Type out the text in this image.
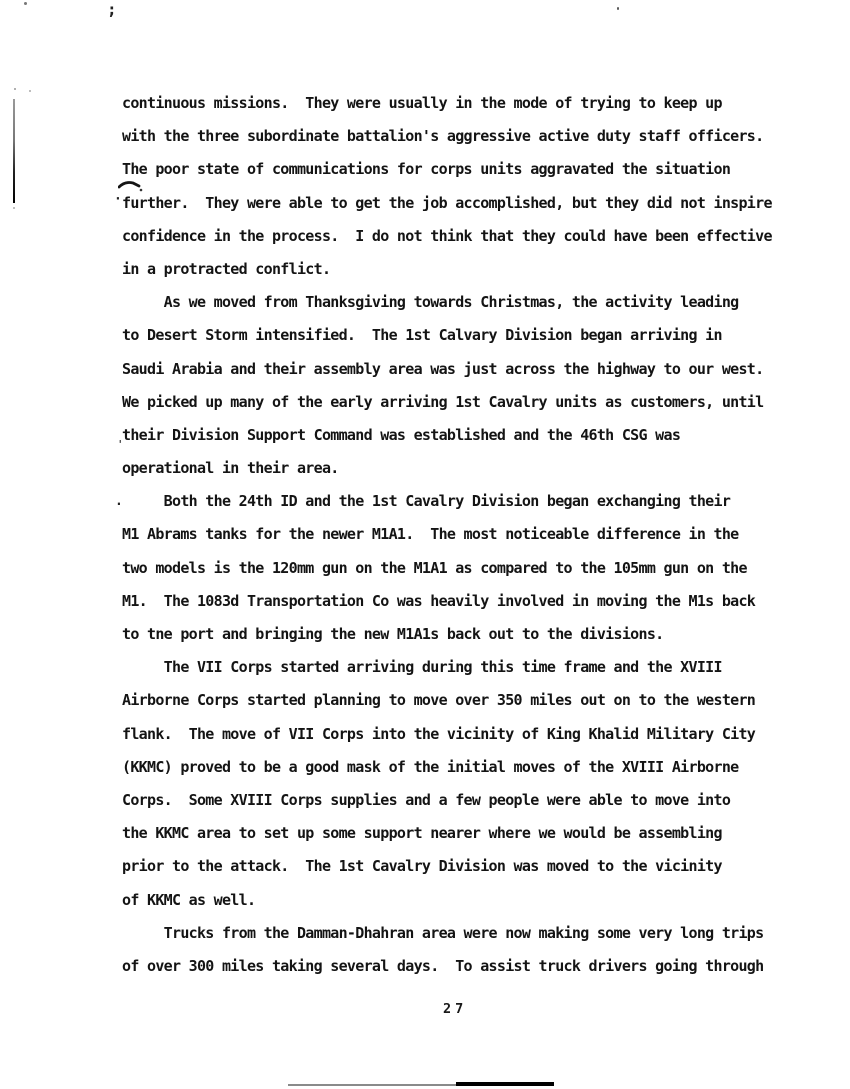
;
·
'
.
continuous missions.  They were usually in the mode of trying to keep up
with the three subordinate battalion's aggressive active duty staff officers.
The poor state of communications for corps units aggravated the situation
further.  They were able to get the job accomplished, but they did not inspire
confidence in the process.  I do not think that they could have been effective
in a protracted conflict.
As we moved from Thanksgiving towards Christmas, the activity leading
to Desert Storm intensified.  The 1st Calvary Division began arriving in
Saudi Arabia and their assembly area was just across the highway to our west.
We picked up many of the early arriving 1st Cavalry units as customers, until
their Division Support Command was established and the 46th CSG was
operational in their area.
Both the 24th ID and the 1st Cavalry Division began exchanging their
M1 Abrams tanks for the newer M1A1.  The most noticeable difference in the
two models is the 120mm gun on the M1A1 as compared to the 105mm gun on the
M1.  The 1083d Transportation Co was heavily involved in moving the M1s back
to tne port and bringing the new M1A1s back out to the divisions.
The VII Corps started arriving during this time frame and the XVIII
Airborne Corps started planning to move over 350 miles out on to the western
flank.  The move of VII Corps into the vicinity of King Khalid Military City
(KKMC) proved to be a good mask of the initial moves of the XVIII Airborne
Corps.  Some XVIII Corps supplies and a few people were able to move into
the KKMC area to set up some support nearer where we would be assembling
prior to the attack.  The 1st Cavalry Division was moved to the vicinity
of KKMC as well.
Trucks from the Damman-Dhahran area were now making some very long trips
of over 300 miles taking several days.  To assist truck drivers going through
27
